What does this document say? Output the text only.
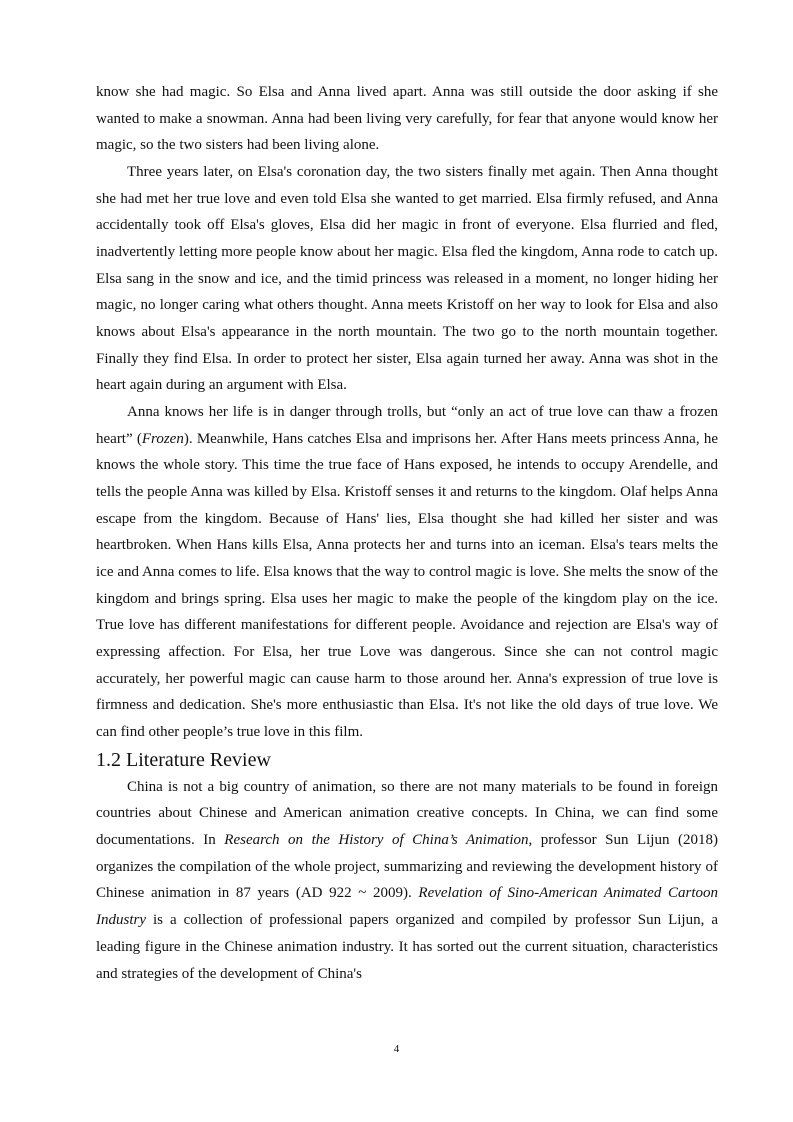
know she had magic. So Elsa and Anna lived apart. Anna was still outside the door asking if she wanted to make a snowman. Anna had been living very carefully, for fear that anyone would know her magic, so the two sisters had been living alone.

Three years later, on Elsa's coronation day, the two sisters finally met again. Then Anna thought she had met her true love and even told Elsa she wanted to get married. Elsa firmly refused, and Anna accidentally took off Elsa's gloves, Elsa did her magic in front of everyone. Elsa flurried and fled, inadvertently letting more people know about her magic. Elsa fled the kingdom, Anna rode to catch up. Elsa sang in the snow and ice, and the timid princess was released in a moment, no longer hiding her magic, no longer caring what others thought. Anna meets Kristoff on her way to look for Elsa and also knows about Elsa's appearance in the north mountain. The two go to the north mountain together. Finally they find Elsa. In order to protect her sister, Elsa again turned her away. Anna was shot in the heart again during an argument with Elsa.

Anna knows her life is in danger through trolls, but “only an act of true love can thaw a frozen heart” (Frozen). Meanwhile, Hans catches Elsa and imprisons her. After Hans meets princess Anna, he knows the whole story. This time the true face of Hans exposed, he intends to occupy Arendelle, and tells the people Anna was killed by Elsa. Kristoff senses it and returns to the kingdom. Olaf helps Anna escape from the kingdom. Because of Hans' lies, Elsa thought she had killed her sister and was heartbroken. When Hans kills Elsa, Anna protects her and turns into an iceman. Elsa's tears melts the ice and Anna comes to life. Elsa knows that the way to control magic is love. She melts the snow of the kingdom and brings spring. Elsa uses her magic to make the people of the kingdom play on the ice. True love has different manifestations for different people. Avoidance and rejection are Elsa's way of expressing affection. For Elsa, her true Love was dangerous. Since she can not control magic accurately, her powerful magic can cause harm to those around her. Anna's expression of true love is firmness and dedication. She's more enthusiastic than Elsa. It's not like the old days of true love. We can find other people’s true love in this film.

1.2 Literature Review

China is not a big country of animation, so there are not many materials to be found in foreign countries about Chinese and American animation creative concepts. In China, we can find some documentations. In Research on the History of China’s Animation, professor Sun Lijun (2018) organizes the compilation of the whole project, summarizing and reviewing the development history of Chinese animation in 87 years (AD 922 ~ 2009). Revelation of Sino-American Animated Cartoon Industry is a collection of professional papers organized and compiled by professor Sun Lijun, a leading figure in the Chinese animation industry. It has sorted out the current situation, characteristics and strategies of the development of China's

4
